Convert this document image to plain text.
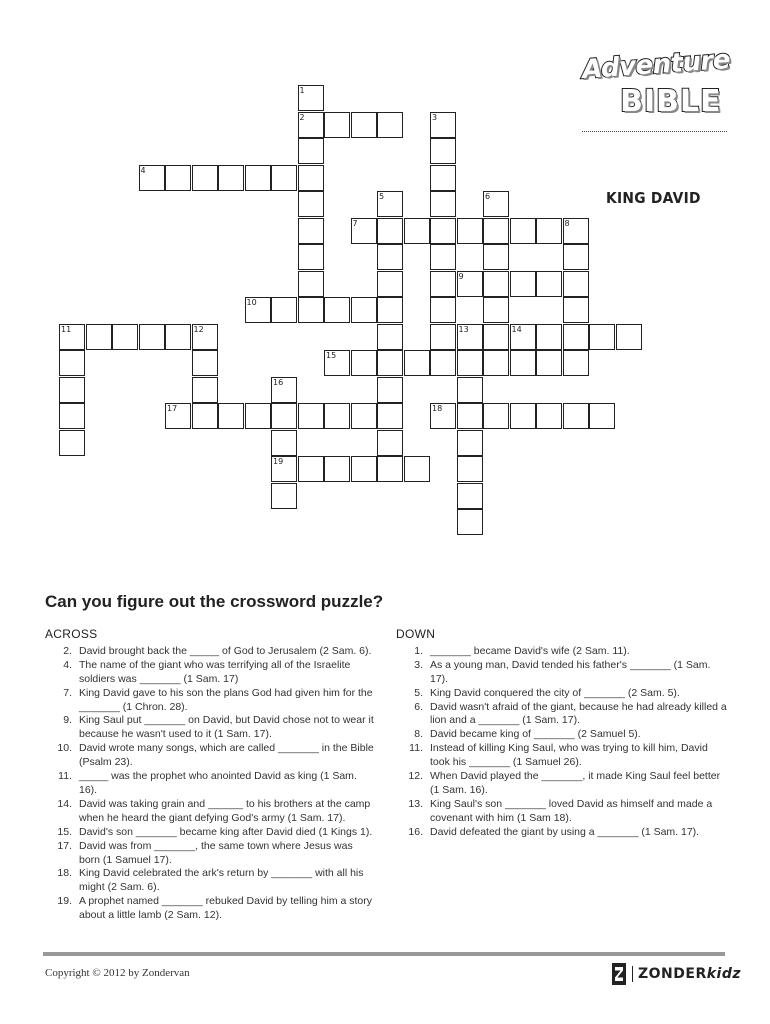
2
4
7	8
9
10
11	12	14
15
17	18
19
1
3
5	6
13
16
Adventure
BIBLE
KING DAVID
Can you figure out the crossword puzzle?
ACROSS
2. David brought back the _____ of God to Jerusalem (2 Sam. 6).
4. The name of the giant who was terrifying all of the Israelite soldiers was _______ (1 Sam. 17)
7. King David gave to his son the plans God had given him for the _______ (1 Chron. 28).
9. King Saul put _______ on David, but David chose not to wear it because he wasn't used to it (1 Sam. 17).
10. David wrote many songs, which are called _______ in the Bible (Psalm 23).
11. _____ was the prophet who anointed David as king (1 Sam. 16).
14. David was taking grain and ______ to his brothers at the camp when he heard the giant defying God's army (1 Sam. 17).
15. David's son _______ became king after David died (1 Kings 1).
17. David was from _______, the same town where Jesus was born (1 Samuel 17).
18. King David celebrated the ark's return by _______ with all his might (2 Sam. 6).
19. A prophet named _______ rebuked David by telling him a story about a little lamb (2 Sam. 12).
DOWN
1. _______ became David's wife (2 Sam. 11).
3. As a young man, David tended his father's _______ (1 Sam. 17).
5. King David conquered the city of _______ (2 Sam. 5).
6. David wasn't afraid of the giant, because he had already killed a lion and a _______ (1 Sam. 17).
8. David became king of _______ (2 Samuel 5).
11. Instead of killing King Saul, who was trying to kill him, David took his _______ (1 Samuel 26).
12. When David played the _______, it made King Saul feel better (1 Sam. 16).
13. King Saul's son _______ loved David as himself and made a covenant with him (1 Sam 18).
16. David defeated the giant by using a _______ (1 Sam. 17).
Copyright © 2012 by Zondervan	ZONDERkidz
